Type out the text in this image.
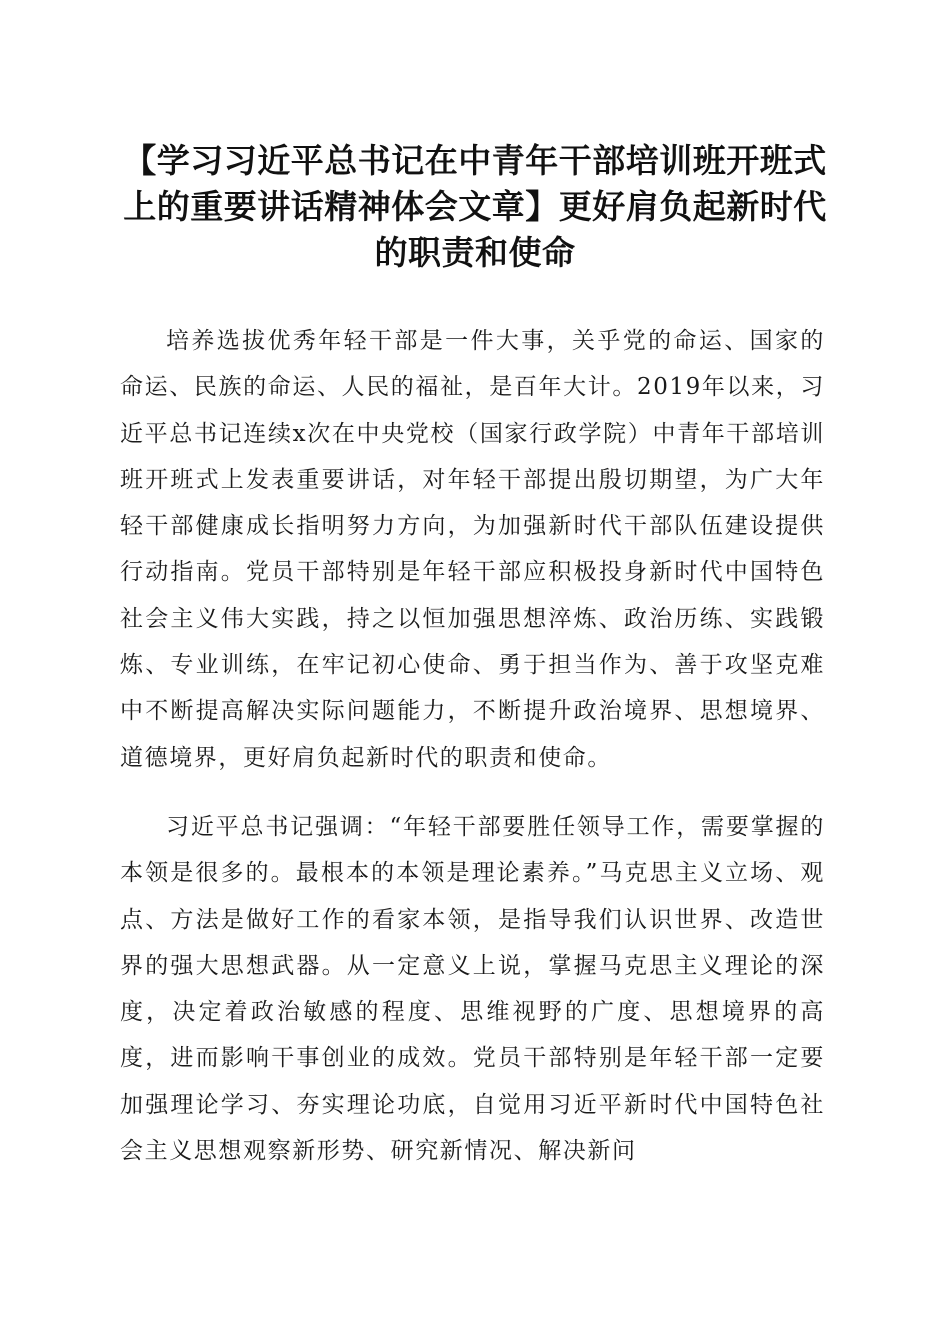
【学习习近平总书记在中青年干部培训班开班式上的重要讲话精神体会文章】更好肩负起新时代的职责和使命

培养选拔优秀年轻干部是一件大事，关乎党的命运、国家的命运、民族的命运、人民的福祉，是百年大计。2019年以来，习近平总书记连续x次在中央党校（国家行政学院）中青年干部培训班开班式上发表重要讲话，对年轻干部提出殷切期望，为广大年轻干部健康成长指明努力方向，为加强新时代干部队伍建设提供行动指南。党员干部特别是年轻干部应积极投身新时代中国特色社会主义伟大实践，持之以恒加强思想淬炼、政治历练、实践锻炼、专业训练，在牢记初心使命、勇于担当作为、善于攻坚克难中不断提高解决实际问题能力，不断提升政治境界、思想境界、道德境界，更好肩负起新时代的职责和使命。

习近平总书记强调：“年轻干部要胜任领导工作，需要掌握的本领是很多的。最根本的本领是理论素养。”马克思主义立场、观点、方法是做好工作的看家本领，是指导我们认识世界、改造世界的强大思想武器。从一定意义上说，掌握马克思主义理论的深度，决定着政治敏感的程度、思维视野的广度、思想境界的高度，进而影响干事创业的成效。党员干部特别是年轻干部一定要加强理论学习、夯实理论功底，自觉用习近平新时代中国特色社会主义思想观察新形势、研究新情况、解决新问
